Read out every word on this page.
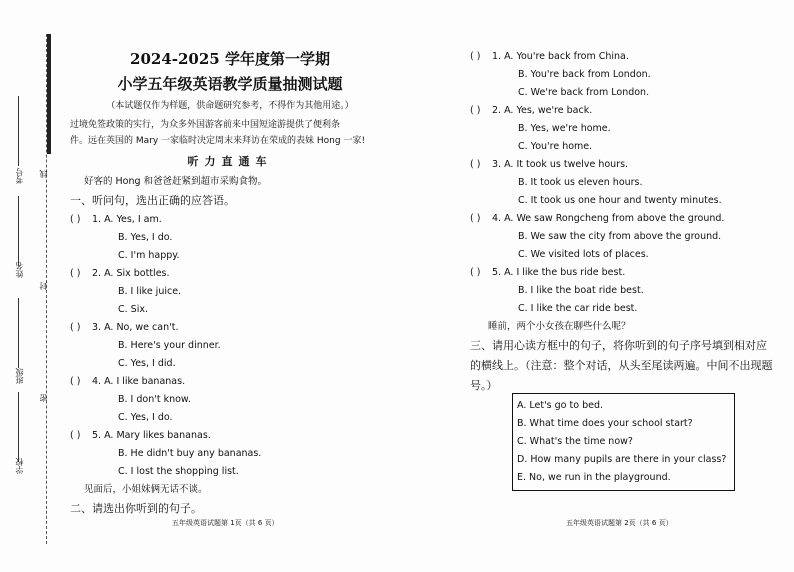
考号
姓名
班级
学校
线
封
密
2024-2025 学年度第一学期
小学五年级英语教学质量抽测试题
（本试题仅作为样题，供命题研究参考，不得作为其他用途。）
过境免签政策的实行，为众多外国游客前来中国短途游提供了便利条
件。远在英国的 Mary 一家临时决定周末来拜访在荣成的表妹 Hong 一家!
听力直通车
好客的 Hong 和爸爸赶紧到超市采购食物。
一、听问句，选出正确的应答语。
( ) 1. A. Yes, I am.
B. Yes, I do.
C. I'm happy.
( ) 2. A. Six bottles.
B. I like juice.
C. Six.
( ) 3. A. No, we can't.
B. Here's your dinner.
C. Yes, I did.
( ) 4. A. I like bananas.
B. I don't know.
C. Yes, I do.
( ) 5. A. Mary likes bananas.
B. He didn't buy any bananas.
C. I lost the shopping list.
见面后，小姐妹俩无话不谈。
二、请选出你听到的句子。
五年级英语试题第 1页（共 6 页）
( ) 1. A. You're back from China.
B. You're back from London.
C. We're back from London.
( ) 2. A. Yes, we're back.
B. Yes, we're home.
C. You're home.
( ) 3. A. It took us twelve hours.
B. It took us eleven hours.
C. It took us one hour and twenty minutes.
( ) 4. A. We saw Rongcheng from above the ground.
B. We saw the city from above the ground.
C. We visited lots of places.
( ) 5. A. I like the bus ride best.
B. I like the boat ride best.
C. I like the car ride best.
睡前，两个小女孩在聊些什么呢？
三、请用心读方框中的句子，将你听到的句子序号填到相对应
的横线上。（注意：整个对话，从头至尾读两遍。中间不出现题
号。）
A. Let's go to bed.
B. What time does your school start?
C. What's the time now?
D. How many pupils are there in your class?
E. No, we run in the playground.
五年级英语试题第 2页（共 6 页）
